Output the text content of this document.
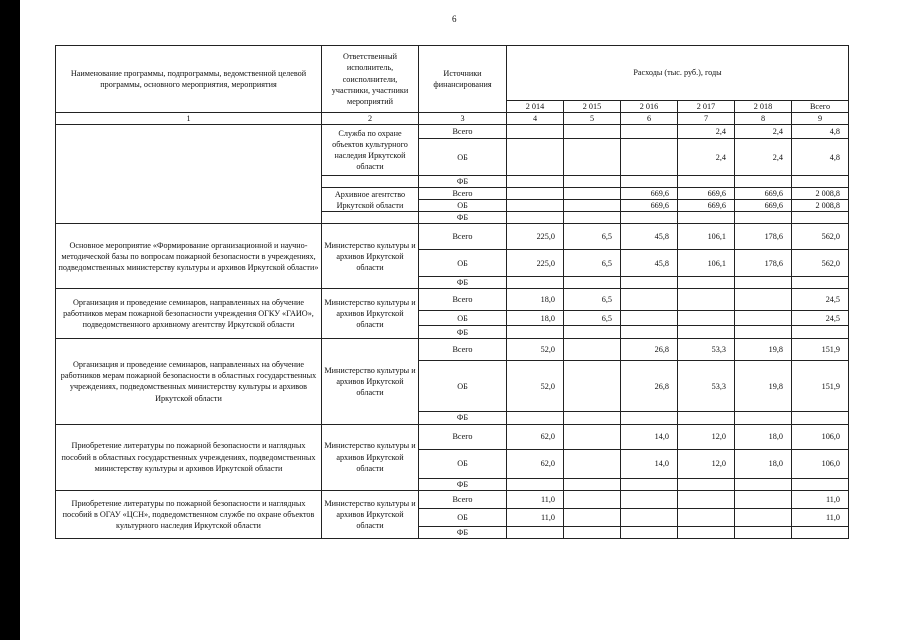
6
Наименование программы, подпрограммы, ведомственной целевой программы, основного мероприятия, мероприятия	Ответственный исполнитель, соисполнители, участники, участники мероприятий	Источники финансирования	Расходы (тыс. руб.), годы					
			2 014	2 015	2 016	2 017	2 018	Всего
1	2	3	4	5	6	7	8	9
	Служба по охране объектов культурного наследия Иркутской области	Всего				2,4	2,4	4,8
		ОБ				2,4	2,4	4,8
		ФБ						
	Архивное агентство Иркутской области	Всего			669,6	669,6	669,6	2 008,8
		ОБ			669,6	669,6	669,6	2 008,8
		ФБ						
Основное мероприятие «Формирование организационной и научно-методической базы по вопросам пожарной безопасности в учреждениях, подведомственных министерству культуры и архивов Иркутской области»	Министерство культуры и архивов Иркутской области	Всего	225,0	6,5	45,8	106,1	178,6	562,0
		ОБ	225,0	6,5	45,8	106,1	178,6	562,0
		ФБ						
Организация и проведение семинаров, направленных на обучение работников мерам пожарной безопасности учреждения ОГКУ «ГАИО», подведомственного архивному агентству Иркутской области	Министерство культуры и архивов Иркутской области	Всего	18,0	6,5				24,5
		ОБ	18,0	6,5				24,5
		ФБ						
Организация и проведение семинаров, направленных на обучение работников мерам пожарной безопасности в областных государственных учреждениях, подведомственных министерству культуры и архивов Иркутской области	Министерство культуры и архивов Иркутской области	Всего	52,0		26,8	53,3	19,8	151,9
		ОБ	52,0		26,8	53,3	19,8	151,9
		ФБ						
Приобретение литературы по пожарной безопасности и наглядных пособий в областных государственных учреждениях, подведомственных министерству культуры и архивов Иркутской области	Министерство культуры и архивов Иркутской области	Всего	62,0		14,0	12,0	18,0	106,0
		ОБ	62,0		14,0	12,0	18,0	106,0
		ФБ						
Приобретение литературы по пожарной безопасности и наглядных пособий в ОГАУ «ЦСН», подведомственном службе по охране объектов культурного наследия Иркутской области	Министерство культуры и архивов Иркутской области	Всего	11,0					11,0
		ОБ	11,0					11,0
		ФБ						
